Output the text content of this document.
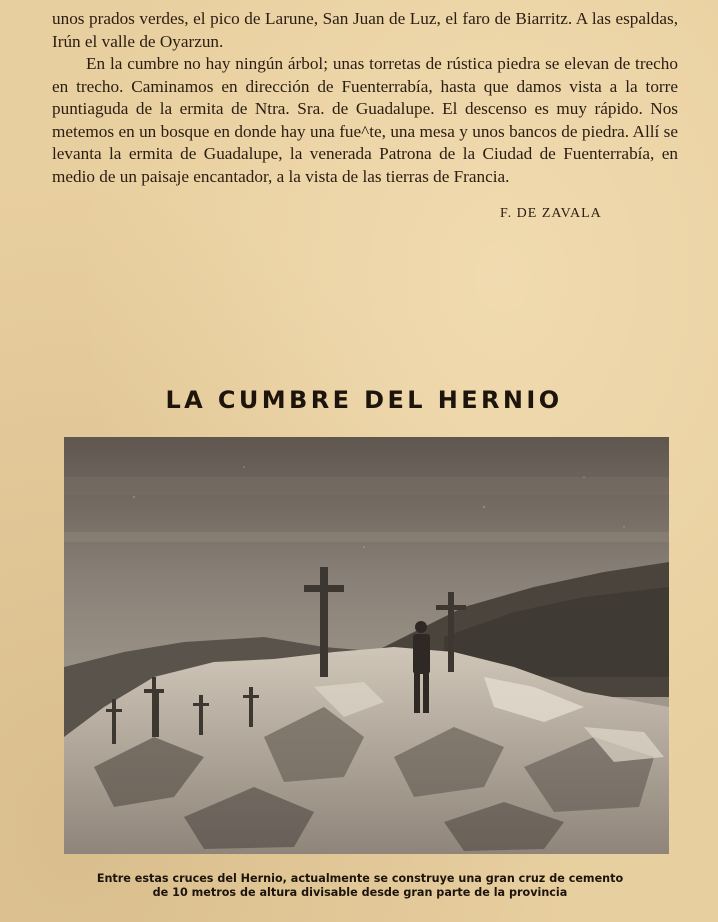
unos prados verdes, el pico de Larune, San Juan de Luz, el faro de Biarritz. A las espaldas, Irún el valle de Oyarzun.

En la cumbre no hay ningún árbol; unas torretas de rústica piedra se elevan de trecho en trecho. Caminamos en dirección de Fuenterrabía, hasta que damos vista a la torre puntiaguda de la ermita de Ntra. Sra. de Guadalupe. El descenso es muy rápido. Nos metemos en un bosque en donde hay una fue^te, una mesa y unos bancos de piedra. Allí se levanta la ermita de Guadalupe, la venerada Patrona de la Ciudad de Fuenterrabía, en medio de un paisaje encantador, a la vista de las tierras de Francia.

F. DE ZAVALA
LA CUMBRE DEL HERNIO
Entre estas cruces del Hernio, actualmente se construye una gran cruz de cemento
de 10 metros de altura divisable desde gran parte de la provincia
